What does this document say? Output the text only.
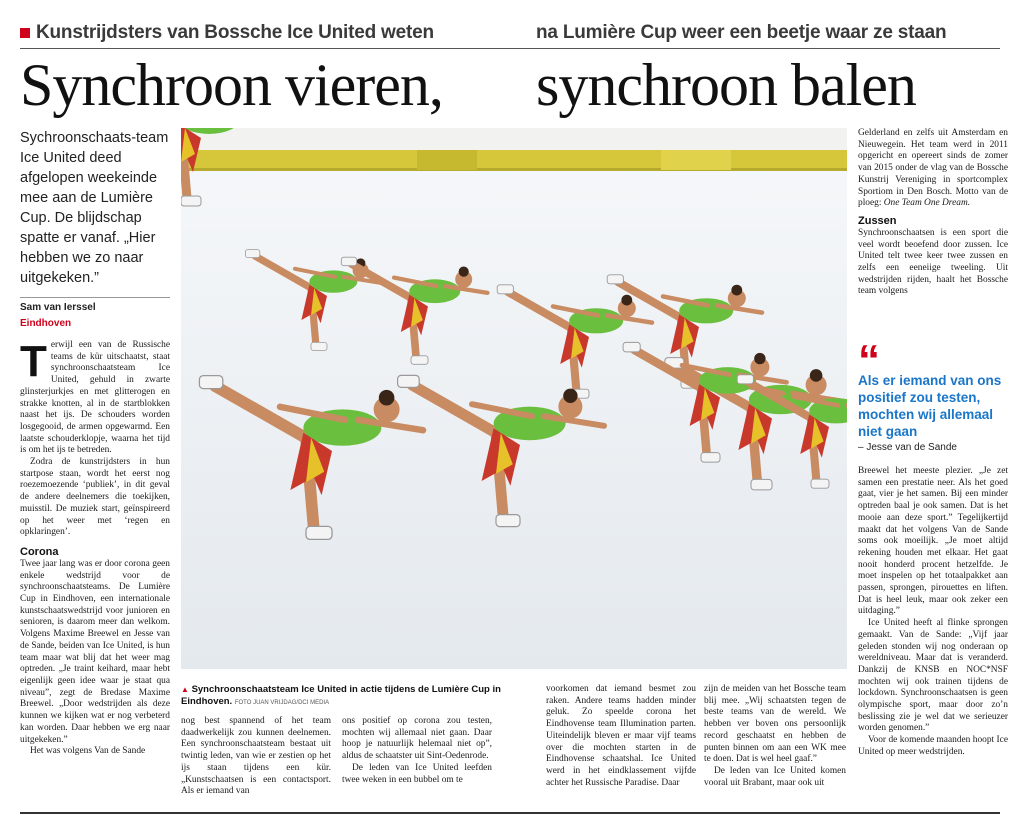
Kunstrijdsters van Bossche Ice United weten	na Lumière Cup weer een beetje waar ze staan
Synchroon vieren, synchroon balen
Sychroonschaats-team Ice United deed afgelopen weekeinde mee aan de Lumière Cup. De blijdschap spatte er vanaf. „Hier hebben we zo naar uitgekeken.”
Sam van Ierssel
Eindhoven

Terwijl een van de Russische teams de kür uitschaatst, staat synchroonschaatsteam Ice United, gehuld in zwarte glinsterjurkjes en met glitterogen en strakke knotten, al in de startblokken naast het ijs. De schouders worden losgegooid, de armen opgewarmd. Een laatste schouderklopje, waarna het tijd is om het ijs te betreden.

Zodra de kunstrijdsters in hun startpose staan, wordt het eerst nog roezemoezende ‘publiek’, in dit geval de andere deelnemers die toekijken, muisstil. De muziek start, geïnspireerd op het weer met ‘regen en opklaringen’.

Corona

Twee jaar lang was er door corona geen enkele wedstrijd voor de synchroonschaatsteams. De Lumière Cup in Eindhoven, een internationale kunstschaatswedstrijd voor junioren en senioren, is daarom meer dan welkom. Volgens Maxime Breewel en Jesse van de Sande, beiden van Ice United, is hun team maar wat blij dat het weer mag optreden. „Je traint keihard, maar hebt eigenlijk geen idee waar je staat qua niveau”, zegt de Bredase Maxime Breewel. „Door wedstrijden als deze kunnen we kijken wat er nog verbeterd kan worden. Daar hebben we erg naar uitgekeken.”

Het was volgens Van de Sande

▲ Synchroonschaatsteam Ice United in actie tijdens de Lumière Cup in Eindhoven. FOTO JUAN VRIJDAG/DCI MEDIA

nog best spannend of het team daadwerkelijk zou kunnen deelnemen. Een synchroonschaatsteam bestaat uit twintig leden, van wie er zestien op het ijs staan tijdens een kür. „Kunstschaatsen is een contactsport. Als er iemand van

ons positief op corona zou testen, mochten wij allemaal niet gaan. Daar hoop je natuurlijk helemaal niet op”, aldus de schaatster uit Sint-Oedenrode.

De leden van Ice United leefden twee weken in een bubbel om te

voorkomen dat iemand besmet zou raken. Andere teams hadden minder geluk. Zo speelde corona het Eindhovense team Illumination parten. Uiteindelijk bleven er maar vijf teams over die mochten starten in de Eindhovense schaatshal. Ice United werd in het eindklassement vijfde achter het Russische Paradise. Daar

zijn de meiden van het Bossche team blij mee. „Wij schaatsten tegen de beste teams van de wereld. We hebben ver boven ons persoonlijk record geschaatst en hebben de punten binnen om aan een WK mee te doen. Dat is wel heel gaaf.”

De leden van Ice United komen vooral uit Brabant, maar ook uit

Gelderland en zelfs uit Amsterdam en Nieuwegein. Het team werd in 2011 opgericht en opereert sinds de zomer van 2015 onder de vlag van de Bossche Kunstrij Vereniging in sportcomplex Sportiom in Den Bosch. Motto van de ploeg: One Team One Dream.

Zussen

Synchroonschaatsen is een sport die veel wordt beoefend door zussen. Ice United telt twee keer twee zussen en zelfs een eeneiige tweeling. Uit wedstrijden rijden, haalt het Bossche team volgens

“
Als er iemand van ons positief zou testen, mochten wij allemaal niet gaan
– Jesse van de Sande

Breewel het meeste plezier. „Je zet samen een prestatie neer. Als het goed gaat, vier je het samen. Bij een minder optreden baal je ook samen. Dat is het mooie aan deze sport.” Tegelijkertijd maakt dat het volgens Van de Sande soms ook moeilijk. „Je moet altijd rekening houden met elkaar. Het gaat nooit honderd procent hetzelfde. Je moet inspelen op het totaalpakket aan passen, sprongen, pirouettes en liften. Dat is heel leuk, maar ook zeker een uitdaging.”

Ice United heeft al flinke sprongen gemaakt. Van de Sande: „Vijf jaar geleden stonden wij nog onderaan op wereldniveau. Maar dat is veranderd. Dankzij de KNSB en NOC*NSF mochten wij ook trainen tijdens de lockdown. Synchroonschaatsen is geen olympische sport, maar door zo’n beslissing zie je wel dat we serieuzer worden genomen.”

Voor de komende maanden hoopt Ice United op meer wedstrijden.
